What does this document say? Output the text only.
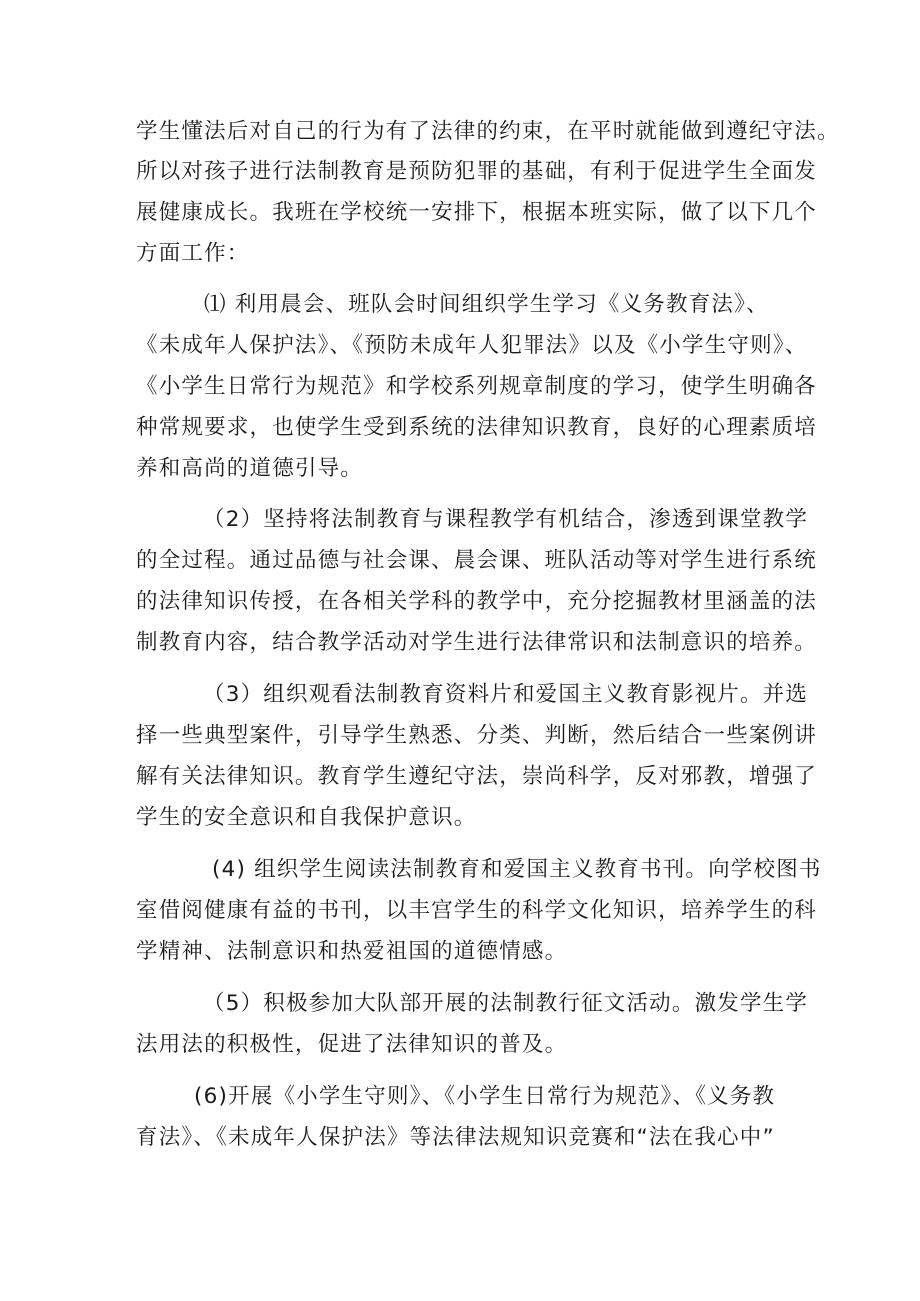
学生懂法后对自己的行为有了法律的约束，在平时就能做到遵纪守法。
所以对孩子进行法制教育是预防犯罪的基础，有利于促进学生全面发
展健康成长。我班在学校统一安排下，根据本班实际，做了以下几个
方面工作：
⑴ 利用晨会、班队会时间组织学生学习《义务教育法》、
《未成年人保护法》、《预防未成年人犯罪法》以及《小学生守则》、
《小学生日常行为规范》和学校系列规章制度的学习，使学生明确各
种常规要求，也使学生受到系统的法律知识教育，良好的心理素质培
养和高尚的道德引导。
（2）坚持将法制教育与课程教学有机结合，渗透到课堂教学
的全过程。通过品德与社会课、晨会课、班队活动等对学生进行系统
的法律知识传授，在各相关学科的教学中，充分挖掘教材里涵盖的法
制教育内容，结合教学活动对学生进行法律常识和法制意识的培养。
（3）组织观看法制教育资料片和爱国主义教育影视片。并选
择一些典型案件，引导学生熟悉、分类、判断，然后结合一些案例讲
解有关法律知识。教育学生遵纪守法，崇尚科学，反对邪教，增强了
学生的安全意识和自我保护意识。
(4) 组织学生阅读法制教育和爱国主义教育书刊。向学校图书
室借阅健康有益的书刊，以丰宫学生的科学文化知识，培养学生的科
学精神、法制意识和热爱祖国的道德情感。
（5）积极参加大队部开展的法制教行征文活动。激发学生学
法用法的积极性，促进了法律知识的普及。
(6)开展《小学生守则》、《小学生日常行为规范》、《义务教
育法》、《未成年人保护法》等法律法规知识竞赛和“法在我心中”
